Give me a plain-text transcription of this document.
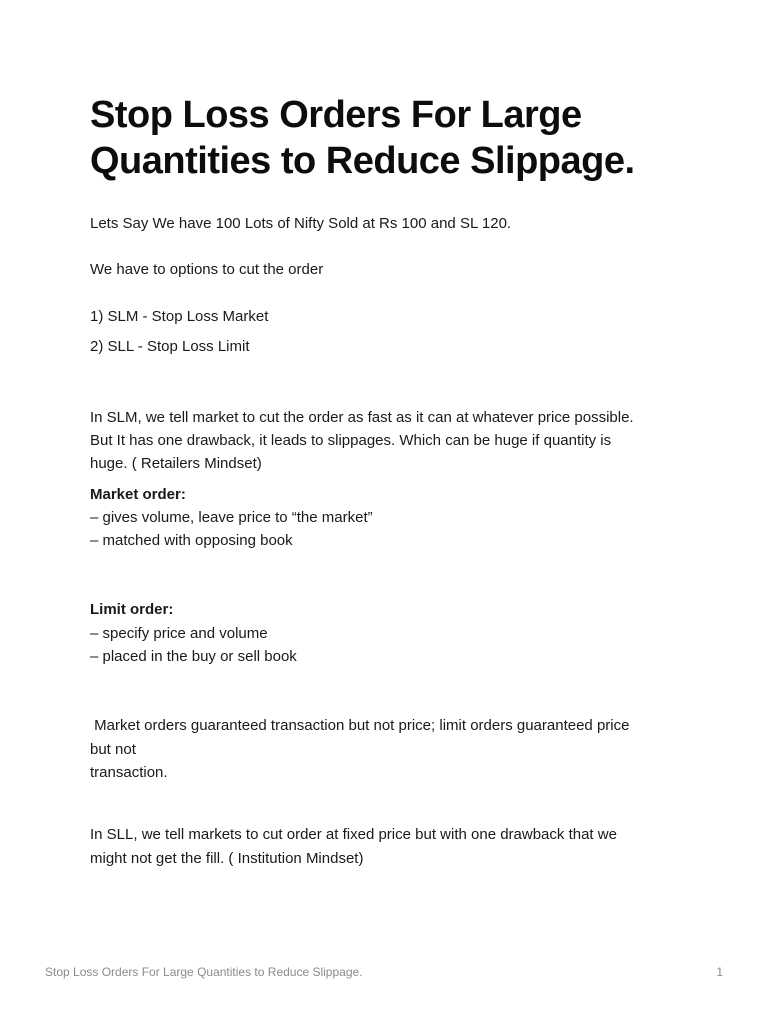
Stop Loss Orders For Large Quantities to Reduce Slippage.

Lets Say We have 100 Lots of Nifty Sold at Rs 100 and SL 120.

We have to options to cut the order

1) SLM - Stop Loss Market

2) SLL - Stop Loss Limit

In SLM, we tell market to cut the order as fast as it can at whatever price possible.
But It has one drawback, it leads to slippages. Which can be huge if quantity is
huge. ( Retailers Mindset)
Market order:
– gives volume, leave price to “the market”
– matched with opposing book
Limit order:
– specify price and volume
– placed in the buy or sell book
Market orders guaranteed transaction but not price; limit orders guaranteed price
but not
transaction.
In SLL, we tell markets to cut order at fixed price but with one drawback that we
might not get the fill. ( Institution Mindset)
Stop Loss Orders For Large Quantities to Reduce Slippage.	1
